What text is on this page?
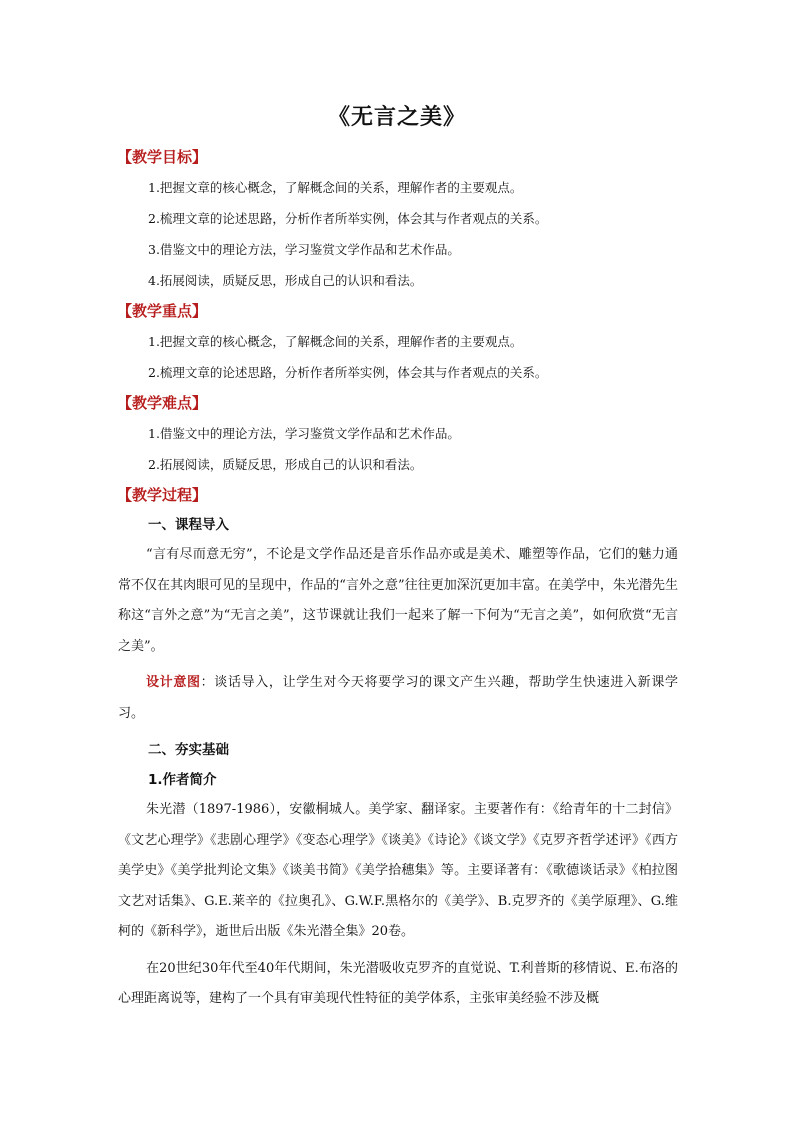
《无言之美》
【教学目标】
1.把握文章的核心概念，了解概念间的关系，理解作者的主要观点。
2.梳理文章的论述思路，分析作者所举实例，体会其与作者观点的关系。
3.借鉴文中的理论方法，学习鉴赏文学作品和艺术作品。
4.拓展阅读，质疑反思，形成自己的认识和看法。
【教学重点】
1.把握文章的核心概念，了解概念间的关系，理解作者的主要观点。
2.梳理文章的论述思路，分析作者所举实例，体会其与作者观点的关系。
【教学难点】
1.借鉴文中的理论方法，学习鉴赏文学作品和艺术作品。
2.拓展阅读，质疑反思，形成自己的认识和看法。
【教学过程】
一、课程导入

“言有尽而意无穷”，不论是文学作品还是音乐作品亦或是美术、雕塑等作品，它们的魅力通常不仅在其肉眼可见的呈现中，作品的“言外之意”往往更加深沉更加丰富。在美学中，朱光潜先生称这“言外之意”为“无言之美”，这节课就让我们一起来了解一下何为“无言之美”，如何欣赏“无言之美”。

设计意图：谈话导入，让学生对今天将要学习的课文产生兴趣，帮助学生快速进入新课学习。

二、夯实基础
1.作者简介

朱光潜（1897-1986），安徽桐城人。美学家、翻译家。主要著作有：《给青年的十二封信》《文艺心理学》《悲剧心理学》《变态心理学》《谈美》《诗论》《谈文学》《克罗齐哲学述评》《西方美学史》《美学批判论文集》《谈美书简》《美学拾穗集》等。主要译著有：《歌德谈话录》《柏拉图文艺对话集》、G.E.莱辛的《拉奥孔》、G.W.F.黑格尔的《美学》、B.克罗齐的《美学原理》、G.维柯的《新科学》，逝世后出版《朱光潜全集》20卷。

在20世纪30年代至40年代期间，朱光潜吸收克罗齐的直觉说、T.利普斯的移情说、E.布洛的心理距离说等，建构了一个具有审美现代性特征的美学体系，主张审美经验不涉及概
